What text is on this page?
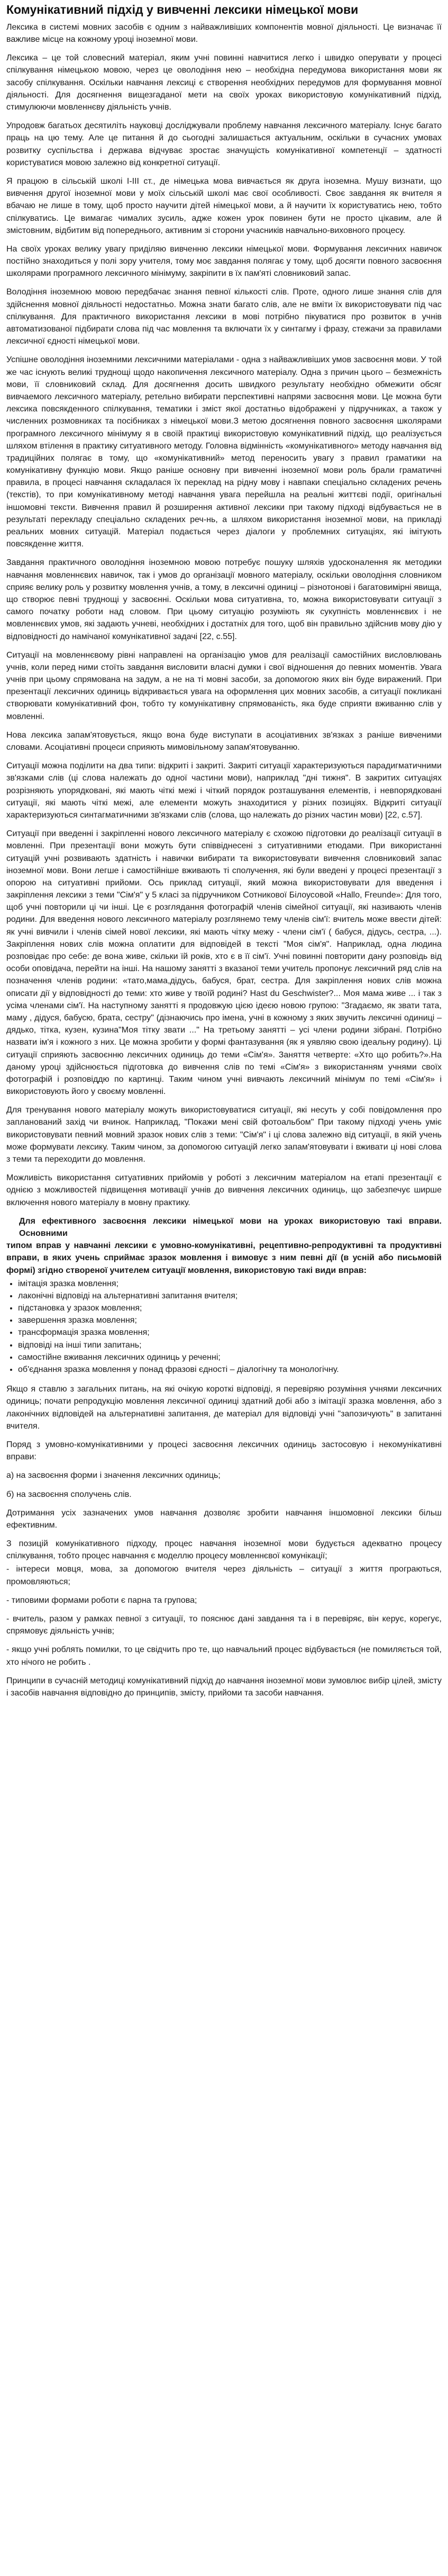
Комунікативний підхід у вивченні лексики німецької мови

Лексика в системі мовних засобів є одним з найважливіших компонентів мовної діяльності. Це визначає її важливе місце на кожному уроці іноземної мови.

Лексика – це той словесний матеріал, яким учні повинні навчитися легко і швидко оперувати у процесі спілкування німецькою мовою, через це оволодіння нею – необхідна передумова використання мови як засобу спілкування. Оскільки навчання лексиці є створення необхідних передумов для формування мовної діяльності. Для досягнення вищезгаданої мети на своїх уроках використовую комунікативний підхід, стимулюючи мовленнєву діяльність учнів.

Упродовж багатьох десятиліть науковці досліджували проблему навчання лексичного матеріалу. Існує багато праць на цю тему. Але це питання й до сьогодні залишається актуальним, оскільки в сучасних умовах розвитку суспільства і держава відчуває зростає значущість комунікативної компетенції – здатності користуватися мовою залежно від конкретної ситуації.

Я працюю в сільській школі І-ІІІ ст., де німецька мова вивчається як друга іноземна. Мушу визнати, що вивчення другої іноземної мови у моїх сільській школі має свої особливості. Своє завдання як вчителя я вбачаю не лише в тому, щоб просто научити дітей німецької мови, а й научити їх користуватись нею, тобто спілкуватись. Це вимагає чималих зусиль, адже кожен урок повинен бути не просто цікавим, але й змістовним, відбитим від попереднього, активним зі сторони учасників навчально-виховного процесу.

На своїх уроках велику увагу приділяю вивченню лексики німецької мови. Формування лексичних навичок постійно знаходиться у полі зору учителя, тому моє завдання полягає у тому, щоб досягти повного засвоєння школярами програмного лексичного мінімуму, закріпити в їх пам'яті словниковий запас.

Володіння іноземною мовою передбачає знання певної кількості слів. Проте, одного лише знання слів для здійснення мовної діяльності недостатньо. Можна знати багато слів, але не вміти їх використовувати під час спілкування. Для практичного використання лексики в мові потрібно пікуватися про розвиток в учнів автоматизованої підбирати слова під час мовлення та включати їх у синтагму і фразу, стежачи за правилами лексичної єдності німецької мови.

Успішне оволодіння іноземними лексичними матеріалами - одна з найважливіших умов засвоєння мови. У той же час існують великі труднощі щодо накопичення лексичного матеріалу. Одна з причин цього – безмежність мови, її словниковий склад. Для досягнення досить швидкого результату необхідно обмежити обсяг вивчаемого лексичного матеріалу, ретельно вибирати перспективні напрями засвоєння мови. Це можна бути лексика повсякденного спілкування, тематики і зміст якої достатньо відображені у підручниках, а також у численних розмовниках та посібниках з німецької мови.З метою досягнення повного засвоєння школярами програмного лексичного мінімуму я в своїй практиці використовую комунікативний підхід, що реалізується шляхом втілення в практику ситуативного методу. Головна відмінність «комунікативного» методу навчання від традиційних полягає в тому, що «комунікативний» метод переносить увагу з правил граматики на комунікативну функцію мови. Якщо раніше основну при вивченні іноземної мови роль брали граматичні правила, в процесі навчання складалася їх переклад на рідну мову і навпаки спеціально складених речень (текстів), то при комунікативному методі навчання увага перейшла на реальні життєві події, оригінальні іншомовні тексти. Вивчення правил й розширення активної лексики при такому підході відбувається не в результаті перекладу спеціально складених реч-нь, а шляхом використання іноземної мови, на прикладі реальних мовних ситуацій. Матеріал подається через діалоги у проблемних ситуаціях, які імітують повсякденне життя.

Завдання практичного оволодіння іноземною мовою потребує пошуку шляхів удосконалення як методики навчання мовленнєвих навичок, так і умов до організації мовного матеріалу, оскільки оволодіння словником сприяє велику роль у розвитку мовлення учнів, а тому, в лексичні одиниці – різнотонові і багатовимірні явища, що створює певні труднощі у засвоєнні. Оскільки мова ситуативна, то, можна використовувати ситуації з самого початку роботи над словом. При цьому ситуацію розуміють як сукупність мовленнєвих і не мовленнєвих умов, які задають учневі, необхідних і достатніх для того, щоб він правильно здійснив мову дію у відповідності до намічаної комунікативної задачі [22, с.55].

Ситуації на мовленнєвому рівні направлені на організацію умов для реалізації самостійних висловлювань учнів, коли перед ними стоїть завдання висловити власні думки і свої відношення до певних моментів. Увага учнів при цьому спрямована на задум, а не на ті мовні засоби, за допомогою яких він буде виражений. При презентації лексичних одиниць відкривається увага на оформлення цих мовних засобів, а ситуації покликані створювати комунікативний фон, тобто ту комунікативну спрямованість, яка буде сприяти вживанню слів у мовленні.

Нова лексика запам'ятовується, якщо вона буде виступати в асоціативних зв'язках з раніше вивченими словами. Асоціативні процеси сприяють мимовільному запам'ятовуванню.

Ситуації можна поділити на два типи: відкриті і закриті. Закриті ситуації характеризуються парадигматичними зв'язками слів (ці слова належать до одної частини мови), наприклад "дні тижня". В закритих ситуаціях розрізняють упорядковані, які мають чіткі межі і чіткий порядок розташування елементів, і невпорядковані ситуації, які мають чіткі межі, але елементи можуть знаходитися у різних позиціях. Відкриті ситуації характеризуються синтагматичними зв'язками слів (слова, що належать до різних частин мови) [22, с.57].

Ситуації при введенні і закріпленні нового лексичного матеріалу є схожою підготовки до реалізації ситуації в мовленні. При презентації вони можуть бути співвіднесені з ситуативними етюдами. При використанні ситуацій учні розвивають здатність і навички вибирати та використовувати вивчення словниковий запас іноземної мови. Вони легше і самостійніше вживають ті сполучення, які були введені у процесі презентації з опорою на ситуативні прийоми. Ось приклад ситуації, який можна використовувати для введення і закріплення лексики з теми "Сім'я" у 5 класі за підручником Сотникової Білоусовой «Hallo, Freunde»: Для того, щоб учні повторили ці чи інші. Це є розглядання фотографій членів сімейної ситуації, які називають членів родини. Для введення нового лексичного матеріалу розглянемо тему членів сім'ї: вчитель може ввести дітей: як учні вивчили і членів сімей нової лексики, які мають чітку межу - члени сім'ї ( бабуся, дідусь, сестра, ...). Закріплення нових слів можна оплатити для відповідей в тексті "Моя сім'я". Наприклад, одна людина розповідає про себе: де вона живе, скільки їй років, хто є в її сім'ї. Учні повинні повторити дану розповідь від особи оповідача, перейти на інші. На нашому занятті з вказаної теми учитель пропонує лексичний ряд слів на позначення членів родини: «тато,мама,дідусь, бабуся, брат, сестра. Для закріплення нових слів можна описати дії у відповідності до теми: хто живе у твоїй родині? Hast du Geschwister?... Моя мама живе ... і так з усіма членами сім'ї. На наступному занятті я продовжую цією ідеєю новою групою: "Згадаємо, як звати тата, маму , дідуся, бабусю, брата, сестру" (дізнаючись про імена, учні в кожному з яких звучить лексичні одиниці – дядько, тітка, кузен, кузина"Моя тітку звати ..." На третьому занятті – усі члени родини зібрані. Потрібно назвати ім'я і кожного з них. Це можна зробити у формі фантазування (як я уявляю свою ідеальну родину). Ці ситуації сприяють засвоєнню лексичних одиниць до теми «Сім'я». Заняття четверте: «Хто що робить?».На даному уроці здійснюється підготовка до вивчення слів по темі «Сім'я» з використанням учнями своїх фотографій і розповіддю по картинці. Таким чином учні вивчають лексичний мінімум по темі «Сім'я» і використовують його у своєму мовленні.

Для тренування нового матеріалу можуть використовуватися ситуації, які несуть у собі повідомлення про запланований захід чи вчинок. Наприклад, "Покажи мені свій фотоальбом" При такому підході учень уміє використовувати певний мовний зразок нових слів з теми: "Сім'я" і ці слова залежно від ситуації, в якій учень може формувати лексику. Таким чином, за допомогою ситуацій легко запам'ятовувати і вживати ці нові слова з теми та переходити до мовлення.

Можливість використання ситуативних прийомів у роботі з лексичним матеріалом на етапі презентації є однією з можливостей підвищення мотивації учнів до вивчення лексичних одиниць, що забезпечує ширше включення нового матеріалу в мовну практику.

Для ефективного засвоєння лексики німецької мови на уроках використовую такі вправи. Основними
типом вправ у навчанні лексики є умовно-комунікативні, рецептивно-репродуктивні та продуктивні вправи, в яких учень сприймає зразок мовлення і вимовує з ним певні дії (в усній або письмовій формі) згідно створеної учителем ситуації мовлення, використовую такі види вправ:
• імітація зразка мовлення;
• лаконічні відповіді на альтернативні запитання вчителя;
• підстановка у зразок мовлення;
• завершення зразка мовлення;
• трансформація зразка мовлення;
• відповіді на інші типи запитань;
• самостійне вживання лексичних одиниць у реченні;
• об'єднання зразка мовлення у понад фразові єдності – діалогічну та монологічну.

Якщо я ставлю з загальних питань, на які очікую короткі відповіді, я перевіряю розуміння учнями лексичних одиниць; почати репродукцію мовлення лексичної одиниці здатний добі або з імітації зразка мовлення, або з лаконічних відповідей на альтернативні запитання, де матеріал для відповіді учні "запозичують" в запитанні вчителя.

Поряд з умовно-комунікативними у процесі засвоєння лексичних одиниць застосовую і некомунікативні вправи:

а) на засвоєння форми і значення лексичних одиниць;

б) на засвоєння сполучень слів.

Дотримання усіх зазначених умов навчання дозволяє зробити навчання іншомовної лексики більш ефективним.

З позицій комунікативного підходу, процес навчання іноземної мови будується адекватно процесу спілкування, тобто процес навчання є моделлю процесу мовленнєвої комунікації;

- інтереси мовця, мова, за допомогою вчителя через діяльність – ситуації з життя програються, промовляються;

- типовими формами роботи є парна та групова;

- вчитель, разом у рамках певної з ситуації, то пояснює дані завдання та і в перевіряє, він керує, корегує, спрямовує діяльність учнів;

- якщо учні роблять помилки, то це свідчить про те, що навчальний процес відбувається (не помиляється той, хто нічого не робить .

Принципи в сучасній методиці комунікативний підхід до навчання іноземної мови зумовлює вибір цілей, змісту і засобів навчання відповідно до принципів, змісту, прийоми та засоби навчання.
